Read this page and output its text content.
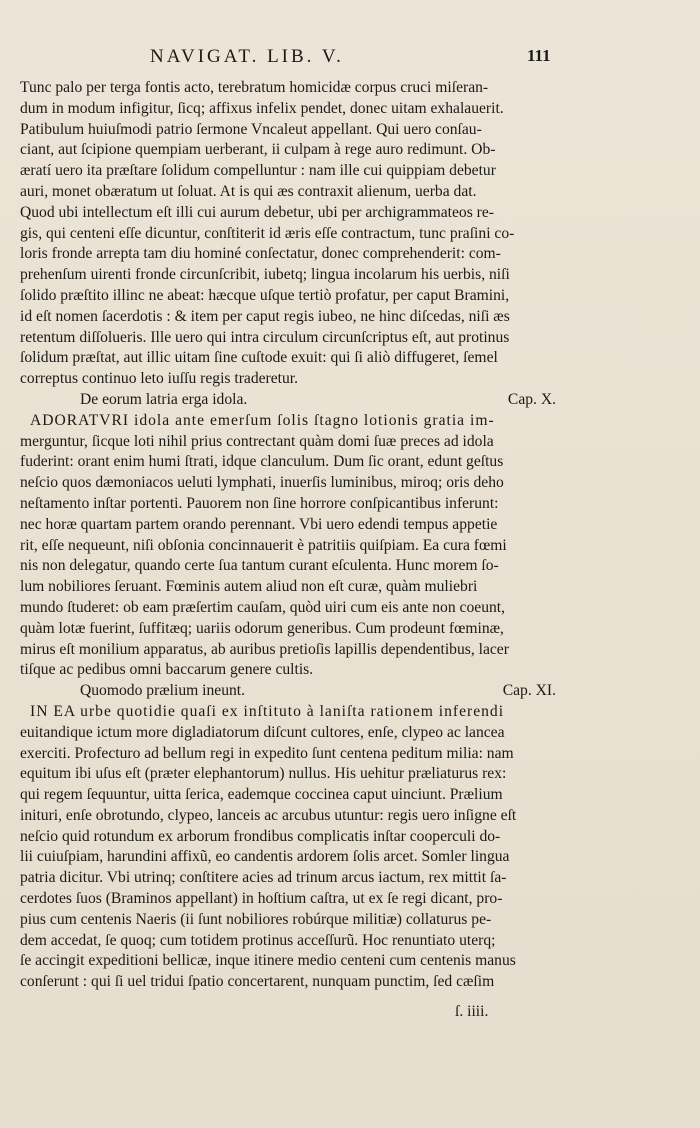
NAVIGAT. LIB. V.	111
Tunc palo per terga fontis acto, terebratum homicidæ corpus cruci miſeran-
dum in modum infigitur, ſicq; affixus infelix pendet, donec uitam exhalauerit.
Patibulum huiuſmodi patrio ſermone Vncaleut appellant. Qui uero conſau-
ciant, aut ſcipione quempiam uerberant, ii culpam à rege auro redimunt. Ob-
æratí uero ita præſtare ſolidum compelluntur : nam ille cui quippiam debetur
auri, monet obæratum ut ſoluat. At is qui æs contraxit alienum, uerba dat.
Quod ubi intellectum eſt illi cui aurum debetur, ubi per archigrammateos re-
gis, qui centeni eſſe dicuntur, conſtiterit id æris eſſe contractum, tunc praſini co-
loris fronde arrepta tam diu hominé conſectatur, donec comprehenderit: com-
prehenſum uirenti fronde circunſcribit, iubetq; lingua incolarum his uerbis, niſi
ſolido præſtito illinc ne abeat: hæcque uſque tertiò profatur, per caput Bramini,
id eſt nomen ſacerdotis : & item per caput regis iubeo, ne hinc diſcedas, niſi æs
retentum diſſolueris. Ille uero qui intra circulum circunſcriptus eſt, aut protinus
ſolidum præſtat, aut illic uitam ſine cuſtode exuit: qui ſi aliò diffugeret, ſemel
correptus continuo leto iuſſu regis traderetur.
De eorum latria erga idola.	Cap. X.
ADORATVRI idola ante emerſum ſolis ſtagno lotionis gratia im-
merguntur, ſicque loti nihil prius contrectant quàm domi ſuæ preces ad idola
fuderint: orant enim humi ſtrati, idque clanculum. Dum ſic orant, edunt geſtus
neſcio quos dæmoniacos ueluti lymphati, inuerſis luminibus, miroq; oris deho
neſtamento inſtar portenti. Pauorem non ſine horrore conſpicantibus inferunt:
nec horæ quartam partem orando perennant. Vbi uero edendi tempus appetie
rit, eſſe nequeunt, niſi obſonia concinnauerit è patritiis quiſpiam. Ea cura fœmi
nis non delegatur, quando certe ſua tantum curant eſculenta. Hunc morem ſo-
lum nobiliores ſeruant. Fœminis autem aliud non eſt curæ, quàm muliebri
mundo ſtuderet: ob eam præſertim cauſam, quòd uiri cum eis ante non coeunt,
quàm lotæ fuerint, ſuffitæq; uariis odorum generibus. Cum prodeunt fœminæ,
mirus eſt monilium apparatus, ab auribus pretioſis lapillis dependentibus, lacer
tiſque ac pedibus omni baccarum genere cultis.
Quomodo prælium ineunt.	Cap. XI.
IN EA urbe quotidie quaſi ex inſtituto à laniſta rationem inferendi
euitandique ictum more digladiatorum diſcunt cultores, enſe, clypeo ac lancea
exerciti. Profecturo ad bellum regi in expedito ſunt centena peditum milia: nam
equitum ibi uſus eſt (præter elephantorum) nullus. His uehitur præliaturus rex:
qui regem ſequuntur, uitta ſerica, eademque coccinea caput uinciunt. Prælium
inituri, enſe obrotundo, clypeo, lanceis ac arcubus utuntur: regis uero inſigne eſt
neſcio quid rotundum ex arborum frondibus complicatis inſtar cooperculi do-
lii cuiuſpiam, harundini affixũ, eo candentis ardorem ſolis arcet. Somler lingua
patria dicitur. Vbi utrinq; conſtitere acies ad trinum arcus iactum, rex mittit ſa-
cerdotes ſuos (Braminos appellant) in hoſtium caſtra, ut ex ſe regi dicant, pro-
pius cum centenis Naeris (ii ſunt nobiliores robúrque militiæ) collaturus pe-
dem accedat, ſe quoq; cum totidem protinus acceſſurũ. Hoc renuntiato uterq;
ſe accingit expeditioni bellicæ, inque itinere medio centeni cum centenis manus
conſerunt : qui ſi uel tridui ſpatio concertarent, nunquam punctim, ſed cæſim
ſ. iiii.
